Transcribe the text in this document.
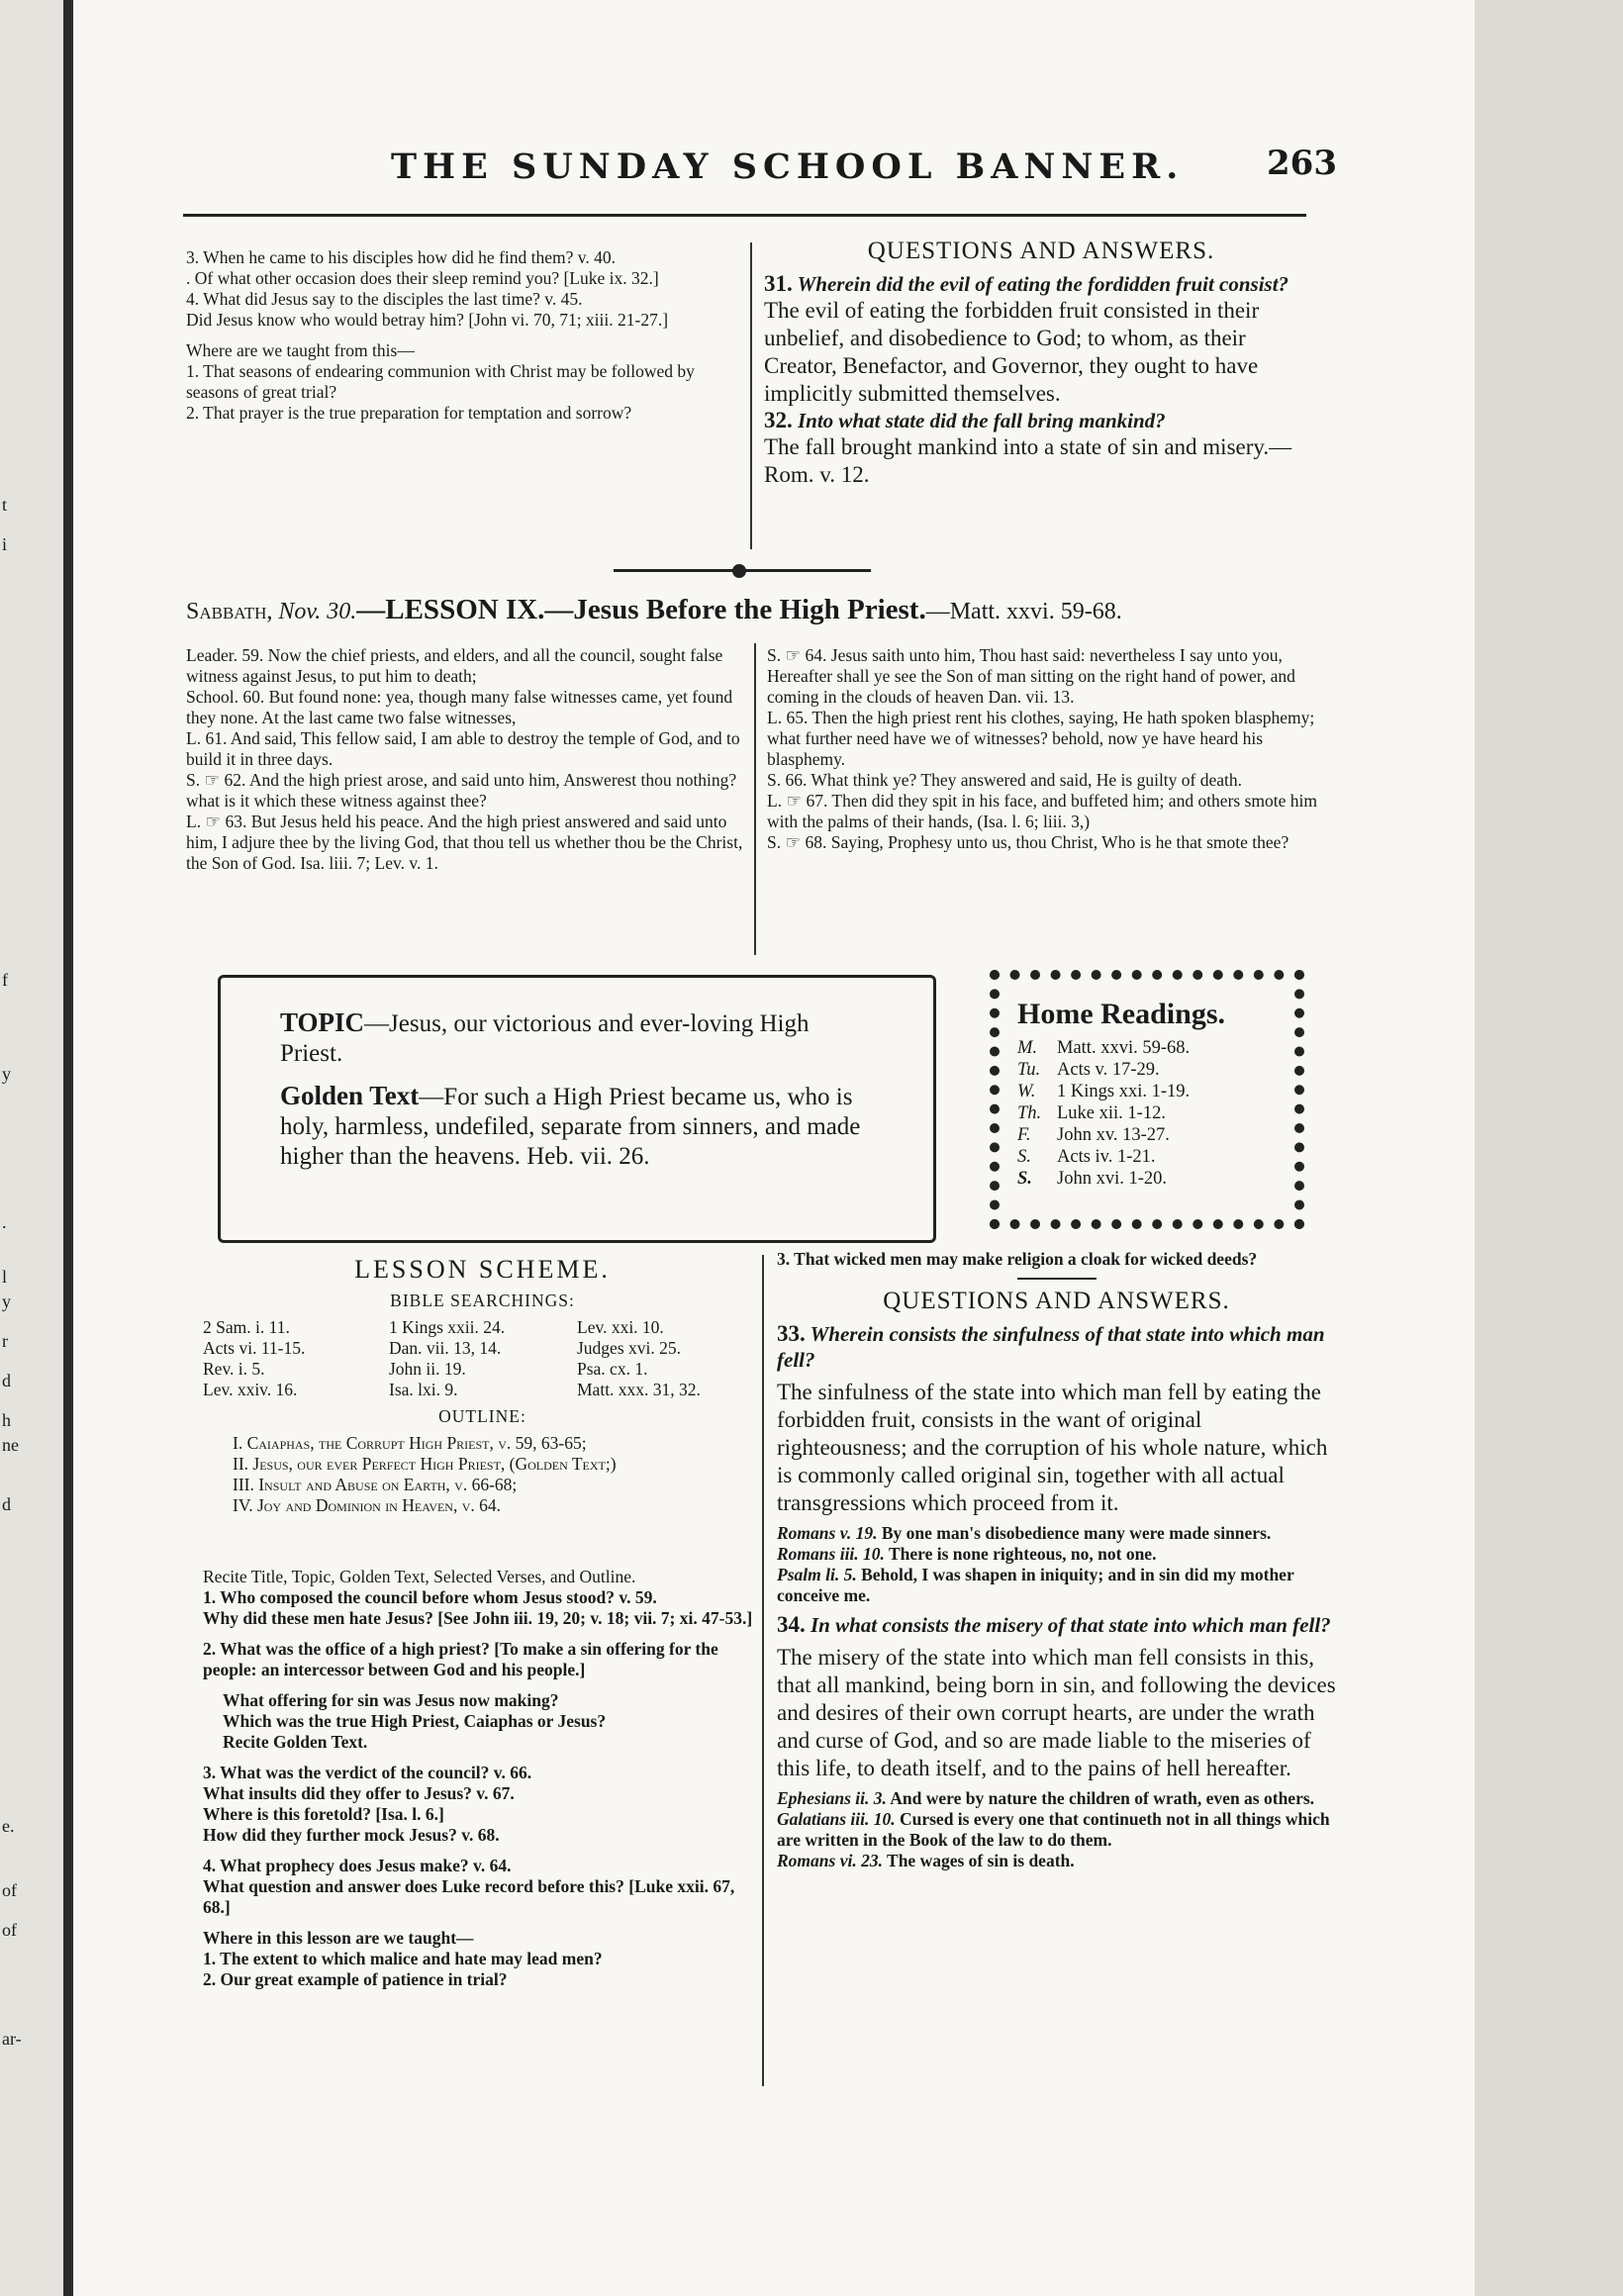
t
i
f
y
.
l
y
r
d
h
ne
d
e.
of
of
ar-
THE SUNDAY SCHOOL BANNER. 263

3. When he came to his disciples how did he find them? v. 40.

. Of what other occasion does their sleep remind you? [Luke ix. 32.]

4. What did Jesus say to the disciples the last time? v. 45.

Did Jesus know who would betray him? [John vi. 70, 71; xiii. 21-27.]

Where are we taught from this—

1. That seasons of endearing communion with Christ may be followed by seasons of great trial?

2. That prayer is the true preparation for temptation and sorrow?

QUESTIONS AND ANSWERS.

31. Wherein did the evil of eating the fordidden fruit consist?

The evil of eating the forbidden fruit consisted in their unbelief, and disobedience to God; to whom, as their Creator, Benefactor, and Governor, they ought to have implicitly submitted themselves.

32. Into what state did the fall bring mankind?

The fall brought mankind into a state of sin and misery.—Rom. v. 12.

Sabbath, Nov. 30.—LESSON IX.—Jesus Before the High Priest.—Matt. xxvi. 59-68.

Leader. 59. Now the chief priests, and elders, and all the council, sought false witness against Jesus, to put him to death;

School. 60. But found none: yea, though many false witnesses came, yet found they none. At the last came two false witnesses,

L. 61. And said, This fellow said, I am able to destroy the temple of God, and to build it in three days.

S. ☞ 62. And the high priest arose, and said unto him, Answerest thou nothing? what is it which these witness against thee?

L. ☞ 63. But Jesus held his peace. And the high priest answered and said unto him, I adjure thee by the living God, that thou tell us whether thou be the Christ, the Son of God. Isa. liii. 7; Lev. v. 1.

S. ☞ 64. Jesus saith unto him, Thou hast said: nevertheless I say unto you, Hereafter shall ye see the Son of man sitting on the right hand of power, and coming in the clouds of heaven Dan. vii. 13.

L. 65. Then the high priest rent his clothes, saying, He hath spoken blasphemy; what further need have we of witnesses? behold, now ye have heard his blasphemy.

S. 66. What think ye? They answered and said, He is guilty of death.

L. ☞ 67. Then did they spit in his face, and buffeted him; and others smote him with the palms of their hands, (Isa. l. 6; liii. 3,)

S. ☞ 68. Saying, Prophesy unto us, thou Christ, Who is he that smote thee?

TOPIC—Jesus, our victorious and ever-loving High Priest.

Golden Text—For such a High Priest became us, who is holy, harmless, undefiled, separate from sinners, and made higher than the heavens. Heb. vii. 26.

Home Readings.
M.	Matt. xxvi. 59-68.
Tu. Acts v. 17-29.
W.	1 Kings xxi. 1-19.
Th. Luke xii. 1-12.
F.	John xv. 13-27.
S.	Acts iv. 1-21.
S.	John xvi. 1-20.

LESSON SCHEME.

BIBLE SEARCHINGS:

2 Sam. i. 11.	1 Kings xxii. 24.	Lev. xxi. 10.
Acts vi. 11-15.	Dan. vii. 13, 14.	Judges xvi. 25.
Rev. i. 5.	John ii. 19.	Psa. cx. 1.
Lev. xxiv. 16.	Isa. lxi. 9.	Matt. xxx. 31, 32.

OUTLINE:

I. Caiaphas, the Corrupt High Priest, v. 59, 63-65;

II. Jesus, our ever Perfect High Priest, (Golden Text;)

III. Insult and Abuse on Earth, v. 66-68;

IV. Joy and Dominion in Heaven, v. 64.

Recite Title, Topic, Golden Text, Selected Verses, and Outline.

1. Who composed the council before whom Jesus stood? v. 59.

Why did these men hate Jesus? [See John iii. 19, 20; v. 18; vii. 7; xi. 47-53.]

2. What was the office of a high priest? [To make a sin offering for the people: an intercessor between God and his people.]

What offering for sin was Jesus now making?

Which was the true High Priest, Caiaphas or Jesus?

Recite Golden Text.

3. What was the verdict of the council? v. 66.

What insults did they offer to Jesus? v. 67.

Where is this foretold? [Isa. l. 6.]

How did they further mock Jesus? v. 68.

4. What prophecy does Jesus make? v. 64.

What question and answer does Luke record before this? [Luke xxii. 67, 68.]

Where in this lesson are we taught—

1. The extent to which malice and hate may lead men?

2. Our great example of patience in trial?

3. That wicked men may make religion a cloak for wicked deeds?

QUESTIONS AND ANSWERS.

33. Wherein consists the sinfulness of that state into which man fell?

The sinfulness of the state into which man fell by eating the forbidden fruit, consists in the want of original righteousness; and the corruption of his whole nature, which is commonly called original sin, together with all actual transgressions which proceed from it.

Romans v. 19. By one man's disobedience many were made sinners.

Romans iii. 10. There is none righteous, no, not one.

Psalm li. 5. Behold, I was shapen in iniquity; and in sin did my mother conceive me.

34. In what consists the misery of that state into which man fell?

The misery of the state into which man fell consists in this, that all mankind, being born in sin, and following the devices and desires of their own corrupt hearts, are under the wrath and curse of God, and so are made liable to the miseries of this life, to death itself, and to the pains of hell hereafter.

Ephesians ii. 3. And were by nature the children of wrath, even as others.

Galatians iii. 10. Cursed is every one that continueth not in all things which are written in the Book of the law to do them.

Romans vi. 23. The wages of sin is death.
